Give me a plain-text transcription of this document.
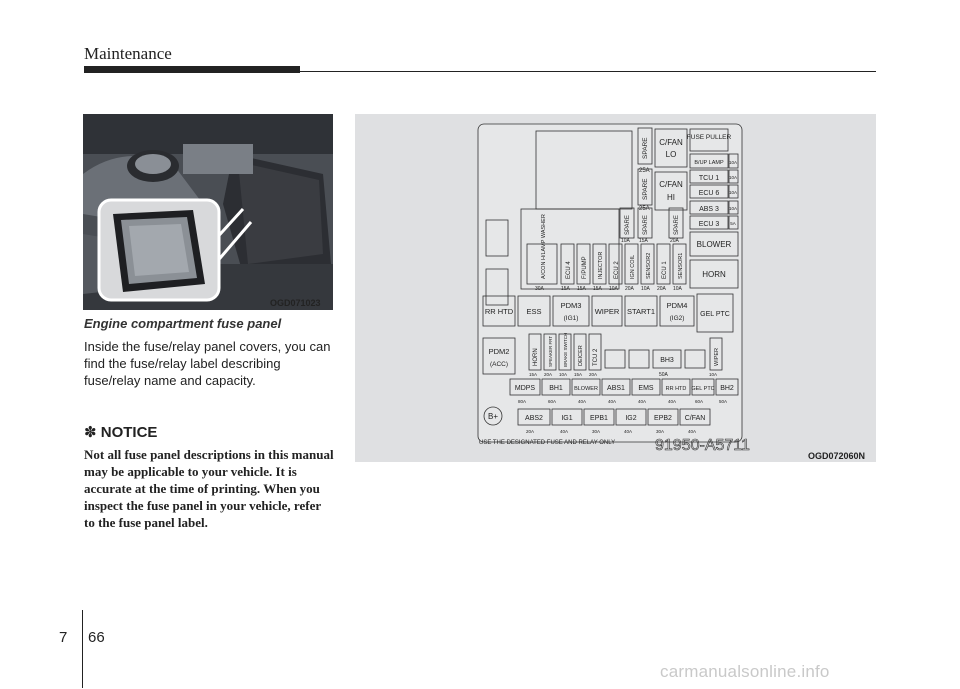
Maintenance
OGD071023
Engine compartment fuse panel
Inside the fuse/relay panel covers, you can find the fuse/relay label describing fuse/relay name and capacity.
✽ NOTICE
Not all fuse panel descriptions in this manual may be applicable to your vehicle. It is accurate at the time of printing. When you inspect the fuse panel in your vehicle, refer to the fuse panel label.
SPARE
25A
SPARE
25A
C/FAN
LO
C/FAN
HI
FUSE PULLER
B/UP LAMP 10A
TCU 1 10A
ECU 6 10A
ABS 3 10A
ECU 3 5A
SPARE
10A
SPARE
15A
SPARE
20A BLOWER
HORN
A/CON H/LAMP WASHER
30A
ECU 4
15A
F/PUMP
15A
INJECTOR
15A
ECU 2
10A
IGN COIL
20A
SENSOR2
10A
ECU 1
20A
SENSOR1
10A
RR HTD ESS
PDM3
(IG1)
WIPER START1
PDM4
(IG2)
GEL PTC
PDM2
(ACC)	HORN
15A
SPEAKER FRT
20A
BRAKE SWITCH
10A
DEICER
15A
TCU 2
20A
BH3
50A
WIPER
10A
MDPS
80A
BH1
60A
BLOWER
40A
ABS1
40A
EMS
40A
RR HTD
40A
GEL PTC
60A
BH2
50A
B+	ABS2
20A
IG1
40A
EPB1
30A
IG2
40A
EPB2
30A
C/FAN
40A
USE THE DESIGNATED FUSE AND RELAY ONLY 91950-A5711
OGD072060N
7 66
carmanualsonline.info
